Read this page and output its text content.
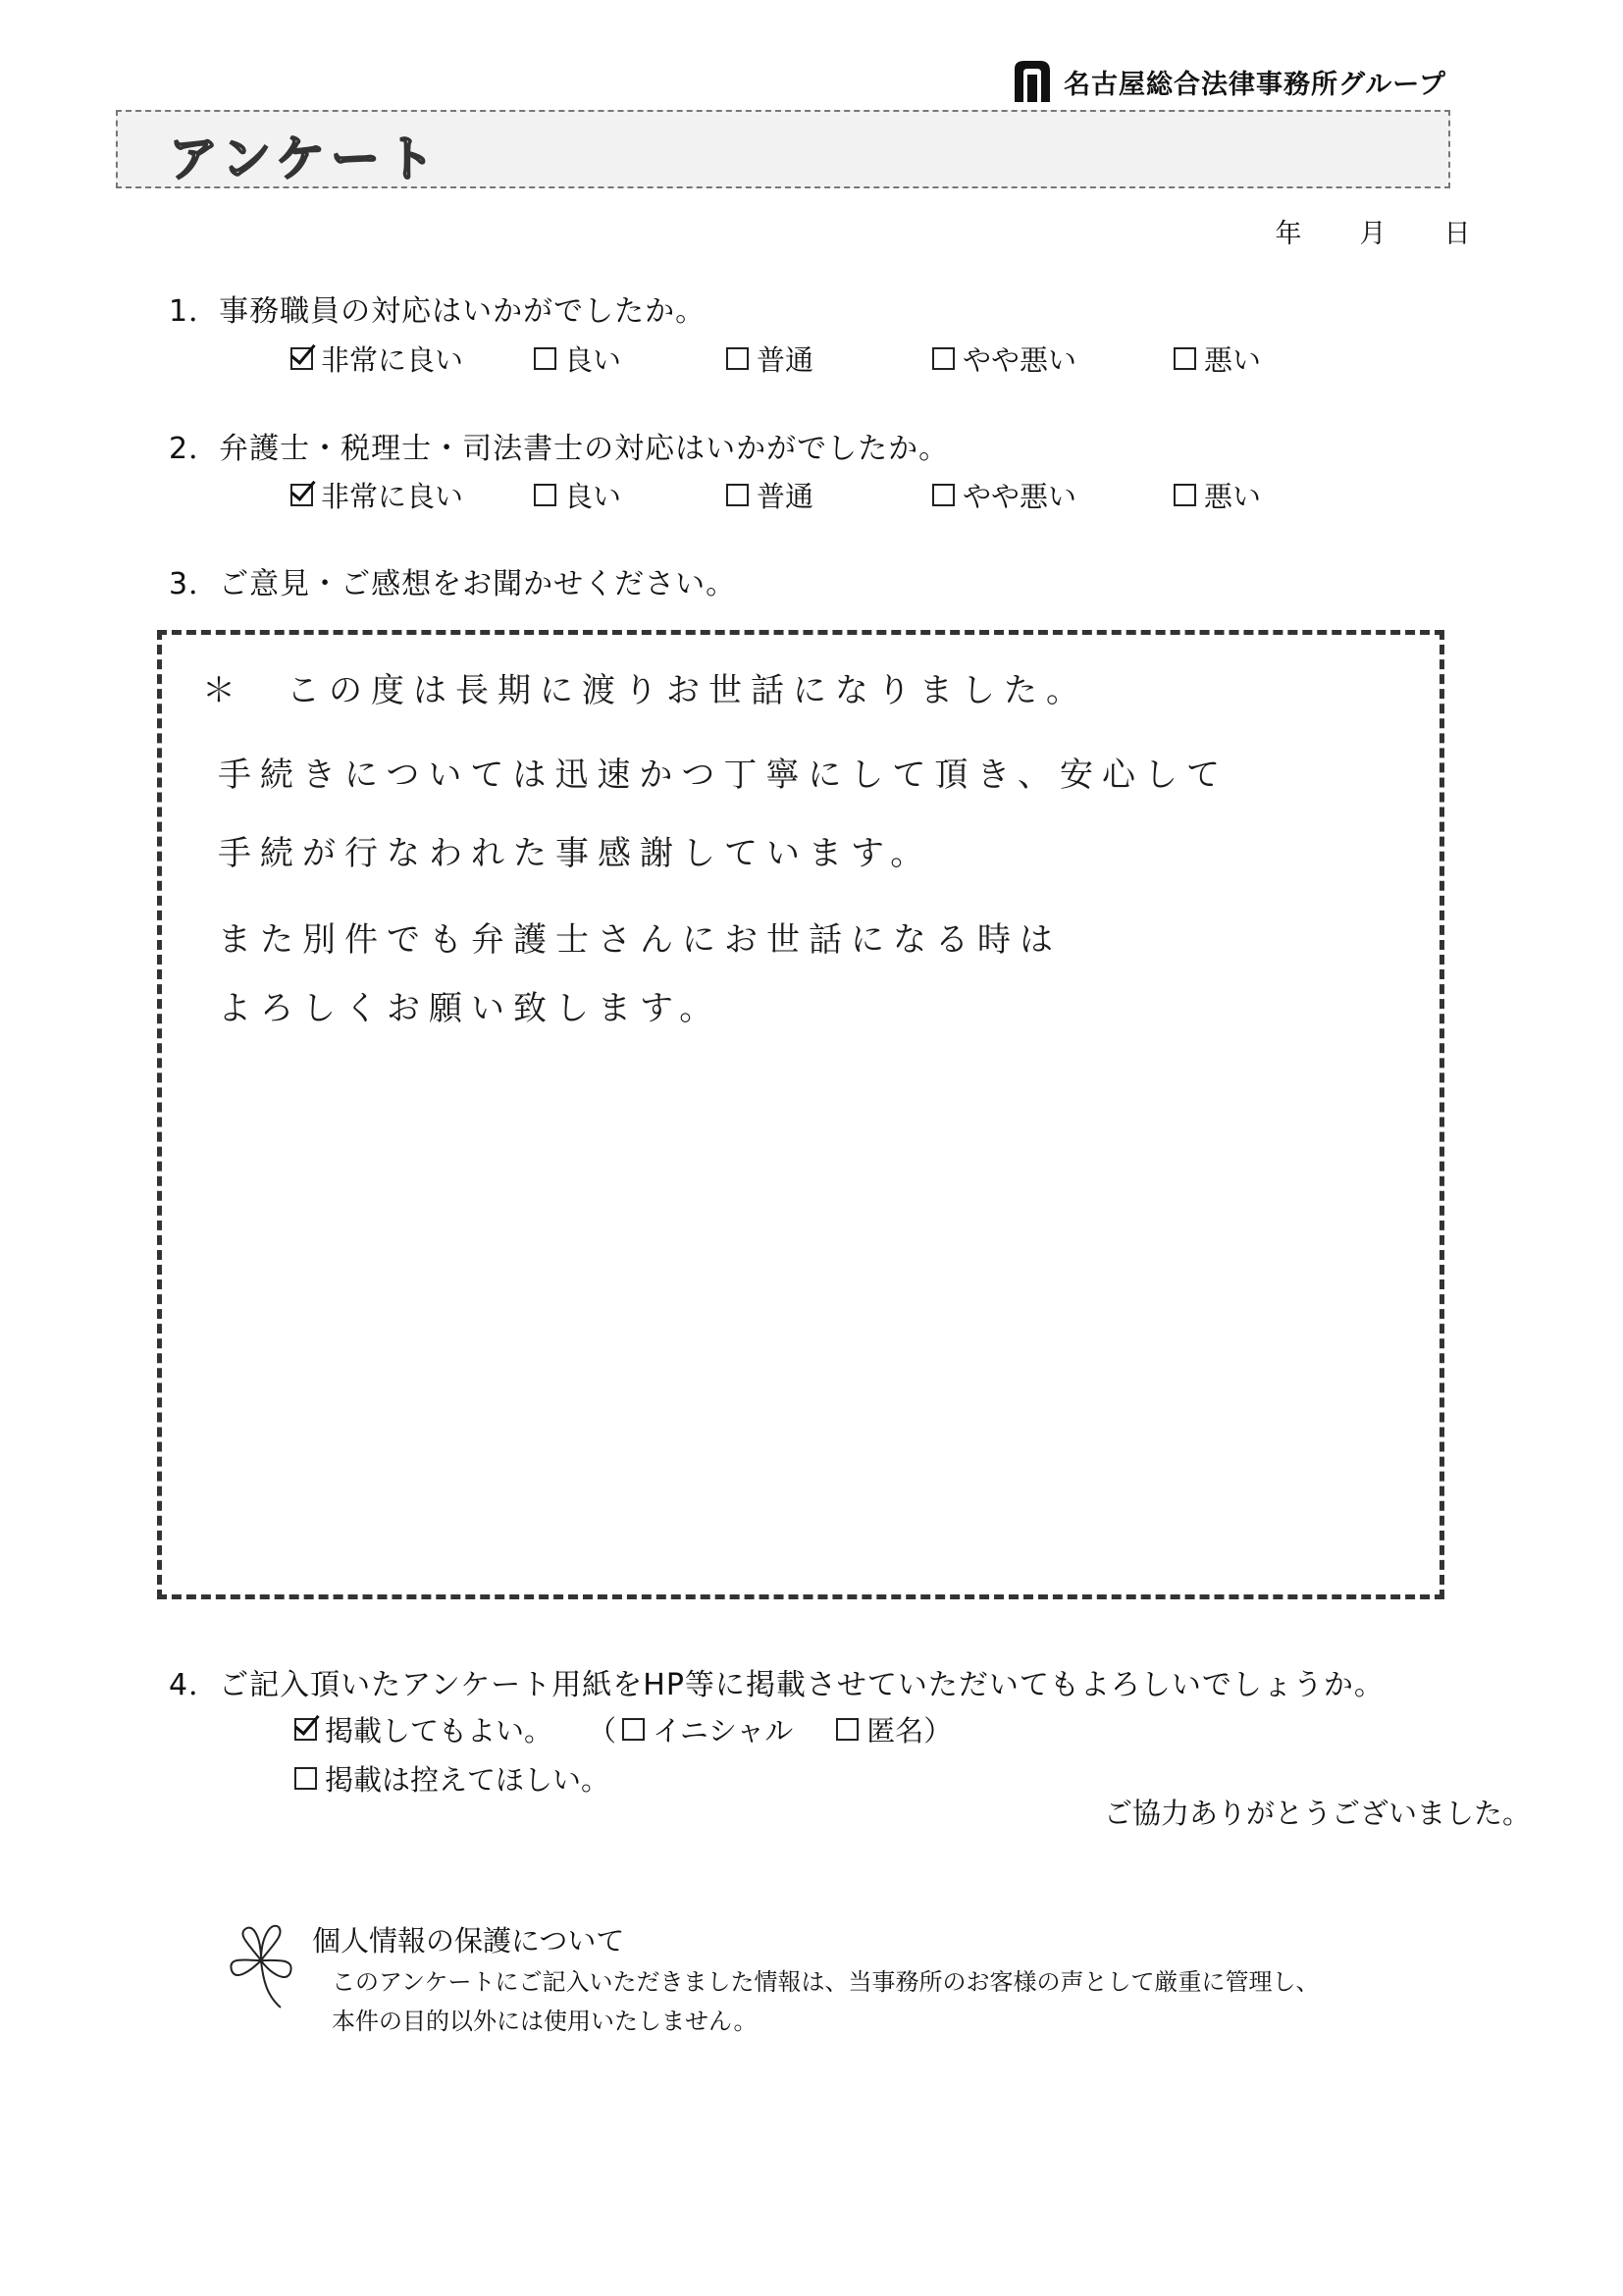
名古屋総合法律事務所グループ
アンケート
年	月	日
1．事務職員の対応はいかがでしたか。
非常に良い	良い	普通	やや悪い	悪い
2．弁護士・税理士・司法書士の対応はいかがでしたか。
非常に良い	良い	普通	やや悪い	悪い
3．ご意見・ご感想をお聞かせください。
＊　この度は長期に渡りお世話になりました。
手続きについては迅速かつ丁寧にして頂き、安心して
手続が行なわれた事感謝しています。
また別件でも弁護士さんにお世話になる時は
よろしくお願い致します。
4．ご記入頂いたアンケート用紙をHP等に掲載させていただいてもよろしいでしょうか。
掲載してもよい。 （ イニシャル	匿名 ）
掲載は控えてほしい。
ご協力ありがとうございました。
個人情報の保護について
このアンケートにご記入いただきました情報は、当事務所のお客様の声として厳重に管理し、
本件の目的以外には使用いたしません。
